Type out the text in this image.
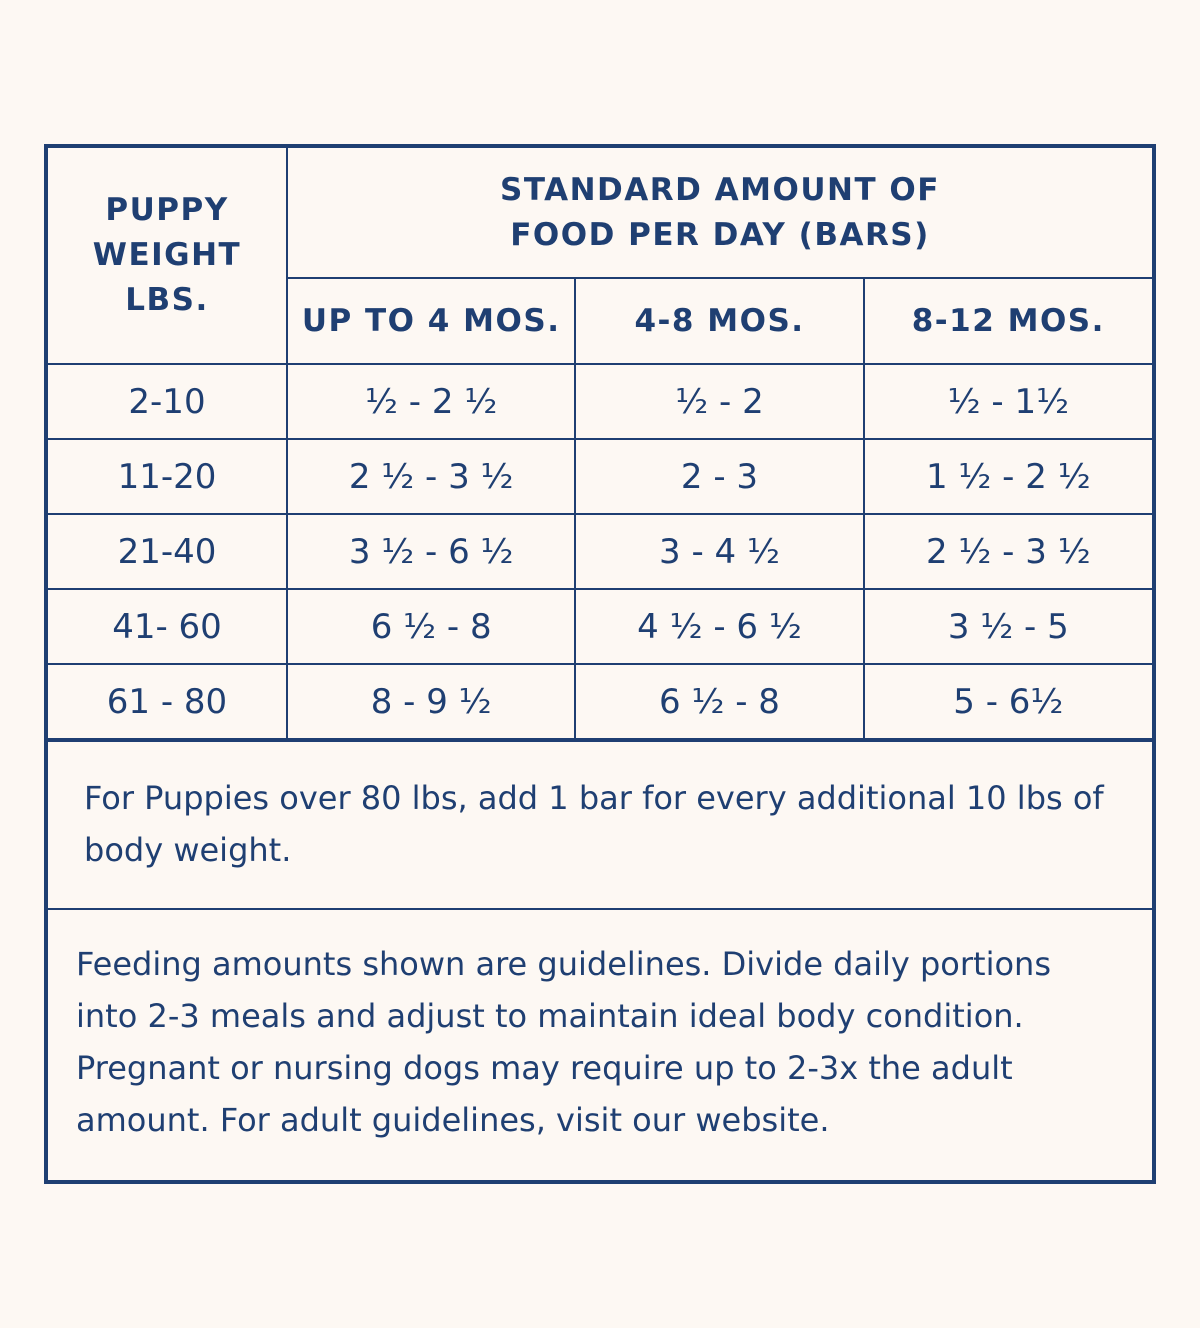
PUPPY WEIGHT LBS.	STANDARD AMOUNT OF
FOOD PER DAY (BARS)		

	UP TO 4 MOS.	4-8 MOS.	8-12 MOS.
2-10	½ - 2 ½	½ - 2	½ - 1½
11-20	2 ½ - 3 ½	2 - 3	1 ½ - 2 ½
21-40	3 ½ - 6 ½	3 - 4 ½	2 ½ - 3 ½
41- 60	6 ½ - 8	4 ½ - 6 ½	3 ½ - 5
61 - 80	8 - 9 ½	6 ½ - 8	5 - 6½
For Puppies over 80 lbs, add 1 bar for every additional 10 lbs of body weight.
Feeding amounts shown are guidelines. Divide daily portions into 2-3 meals and adjust to maintain ideal body condition. Pregnant or nursing dogs may require up to 2-3x the adult amount. For adult guidelines, visit our website.
